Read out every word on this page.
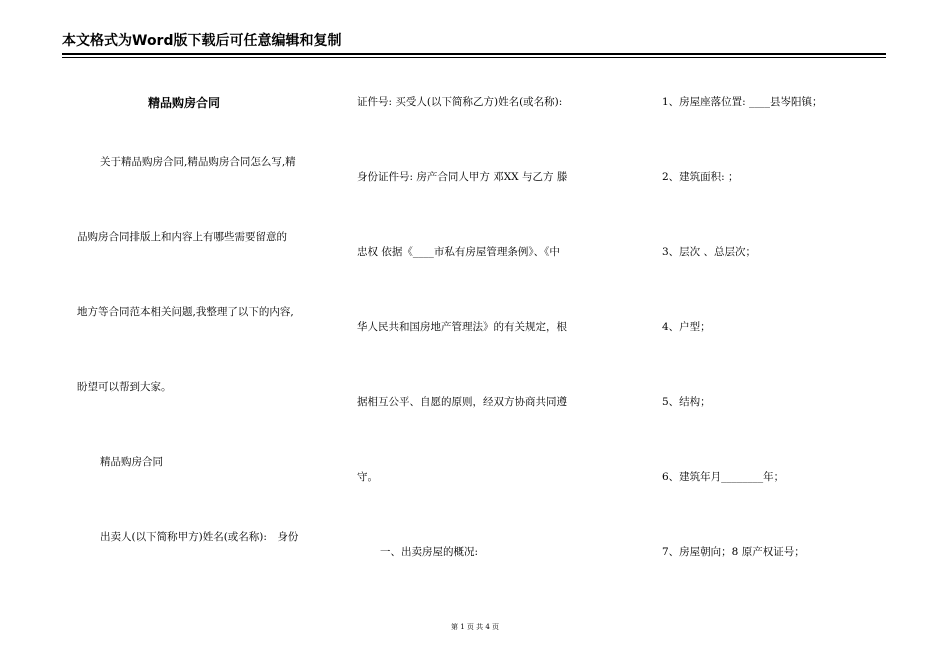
本文格式为Word版下载后可任意编辑和复制
精品购房合同
关于精品购房合同,精品购房合同怎么写,精
品购房合同排版上和内容上有哪些需要留意的
地方等合同范本相关问题,我整理了以下的内容,
盼望可以帮到大家。
精品购房合同
出卖人(以下简称甲方)姓名(或名称):　身份
证件号: 买受人(以下简称乙方)姓名(或名称):
身份证件号: 房产合同人甲方 邓XX 与乙方 滕
忠权 依据《____市私有房屋管理条例》、《中
华人民共和国房地产管理法》的有关规定，根
据相互公平、自愿的原则，经双方协商共同遵
守。
一、出卖房屋的概况:
1、房屋座落位置: ____县岑阳镇；
2、建筑面积: ；
3、层次 、总层次；
4、户型；
5、结构；
6、建筑年月________年；
7、房屋朝向；8 原产权证号；
第 1 页 共 4 页
